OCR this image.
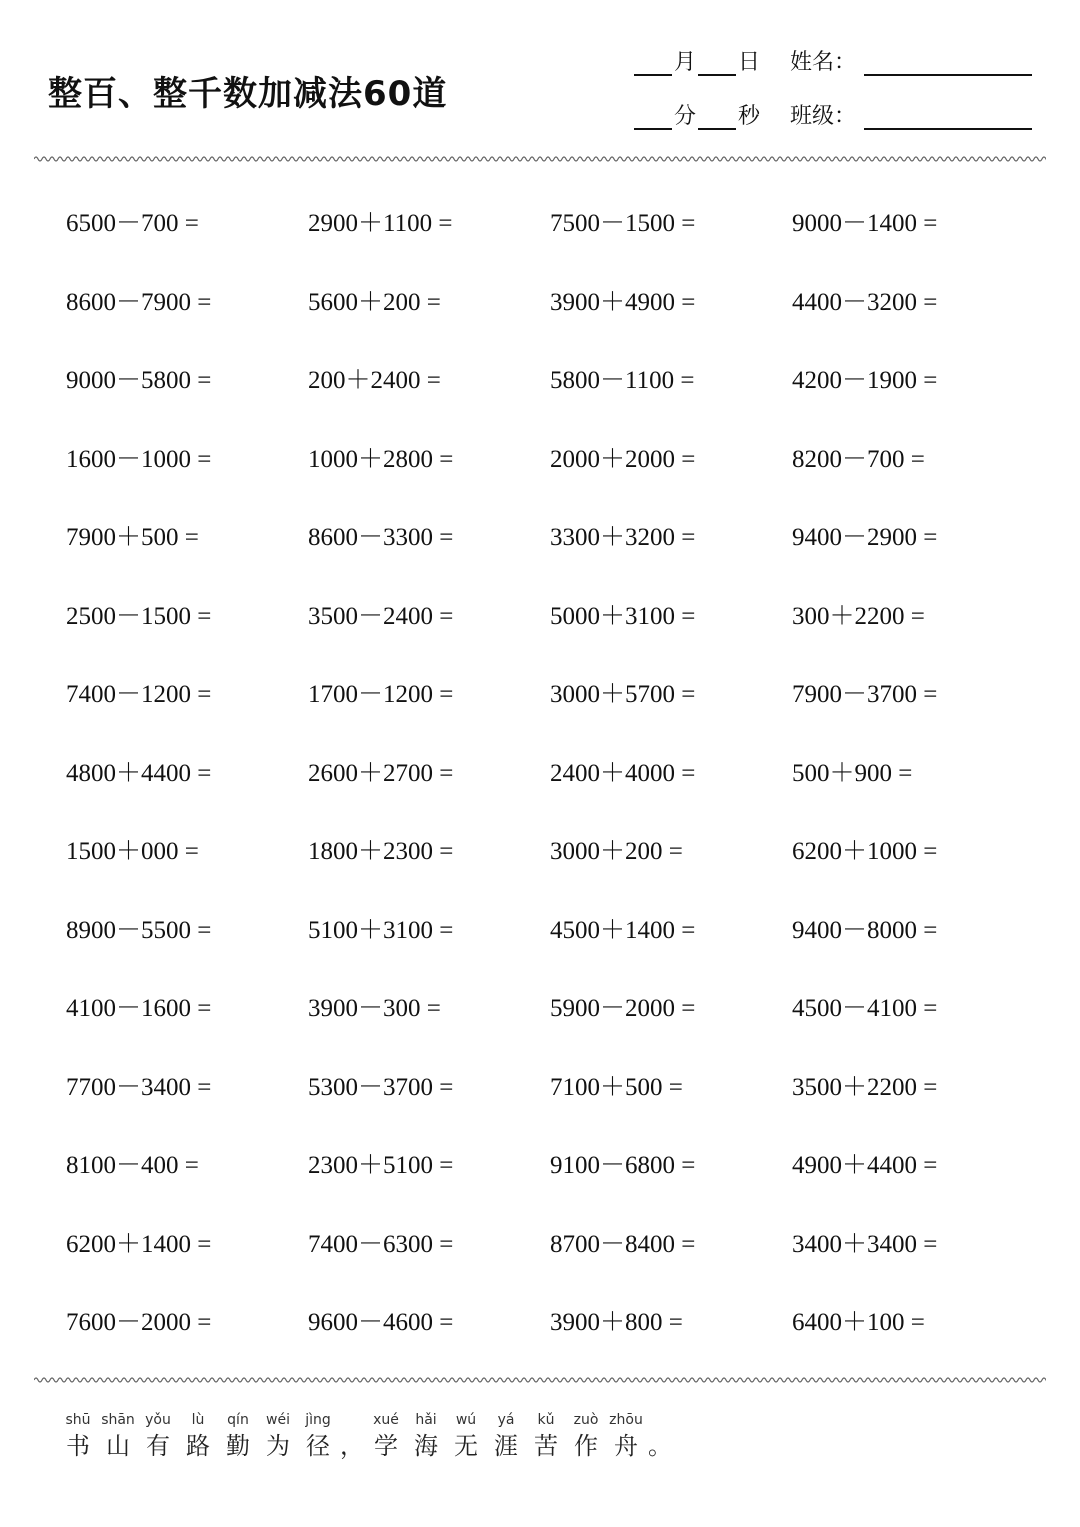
整百、整千数加减法60道
月 日 姓名：
分 秒 班级：
6500－700 =	2900＋1100 =	7500－1500 =	9000－1400 =
8600－7900 =	5600＋200 =	3900＋4900 =	4400－3200 =
9000－5800 =	200＋2400 =	5800－1100 =	4200－1900 =
1600－1000 =	1000＋2800 =	2000＋2000 =	8200－700 =
7900＋500 =	8600－3300 =	3300＋3200 =	9400－2900 =
2500－1500 =	3500－2400 =	5000＋3100 =	300＋2200 =
7400－1200 =	1700－1200 =	3000＋5700 =	7900－3700 =
4800＋4400 =	2600＋2700 =	2400＋4000 =	500＋900 =
1500＋000 =	1800＋2300 =	3000＋200 =	6200＋1000 =
8900－5500 =	5100＋3100 =	4500＋1400 =	9400－8000 =
4100－1600 =	3900－300 =	5900－2000 =	4500－4100 =
7700－3400 =	5300－3700 =	7100＋500 =	3500＋2200 =
8100－400 =	2300＋5100 =	9100－6800 =	4900＋4400 =
6200＋1400 =	7400－6300 =	8700－8400 =	3400＋3400 =
7600－2000 =	9600－4600 =	3900＋800 =	6400＋100 =
shū
书
shān
山
yǒu
有
lù
路
qín
勤
wéi
为
jìng
径 ，
xué
学
hǎi
海
wú
无
yá
涯
kǔ
苦
zuò
作
zhōu
舟 。
